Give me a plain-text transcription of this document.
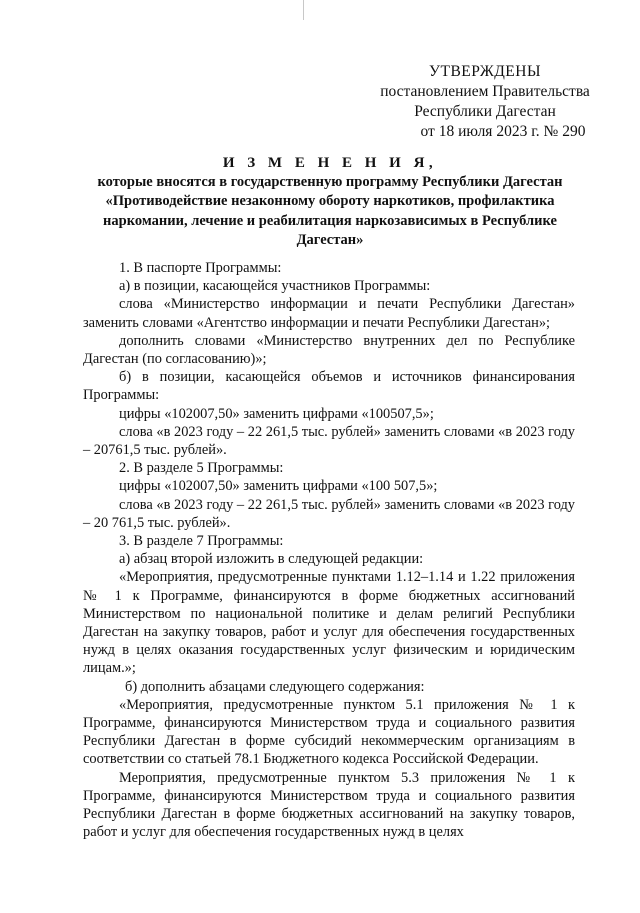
УТВЕРЖДЕНЫ
постановлением Правительства
Республики Дагестан
от 18 июля 2023 г. № 290
И З М Е Н Е Н И Я,
которые вносятся в государственную программу Республики Дагестан «Противодействие незаконному обороту наркотиков, профилактика наркомании, лечение и реабилитация наркозависимых в Республике Дагестан»

1. В паспорте Программы:

а) в позиции, касающейся участников Программы:

слова «Министерство информации и печати Республики Дагестан» заменить словами «Агентство информации и печати Республики Дагестан»;

дополнить словами «Министерство внутренних дел по Республике Дагестан (по согласованию)»;

б) в позиции, касающейся объемов и источников финансирования Программы:

цифры «102007,50» заменить цифрами «100507,5»;

слова «в 2023 году – 22 261,5 тыс. рублей» заменить словами «в 2023 году – 20761,5 тыс. рублей».

2. В разделе 5 Программы:

цифры «102007,50» заменить цифрами «100 507,5»;

слова «в 2023 году – 22 261,5 тыс. рублей» заменить словами «в 2023 году – 20 761,5 тыс. рублей».

3. В разделе 7 Программы:

а) абзац второй изложить в следующей редакции:

«Мероприятия, предусмотренные пунктами 1.12–1.14 и 1.22 приложения № 1 к Программе, финансируются в форме бюджетных ассигнований Министерством по национальной политике и делам религий Республики Дагестан на закупку товаров, работ и услуг для обеспечения государственных нужд в целях оказания государственных услуг физическим и юридическим лицам.»;

б) дополнить абзацами следующего содержания:

«Мероприятия, предусмотренные пунктом 5.1 приложения № 1 к Программе, финансируются Министерством труда и социального развития Республики Дагестан в форме субсидий некоммерческим организациям в соответствии со статьей 78.1 Бюджетного кодекса Российской Федерации.

Мероприятия, предусмотренные пунктом 5.3 приложения № 1 к Программе, финансируются Министерством труда и социального развития Республики Дагестан в форме бюджетных ассигнований на закупку товаров, работ и услуг для обеспечения государственных нужд в целях
